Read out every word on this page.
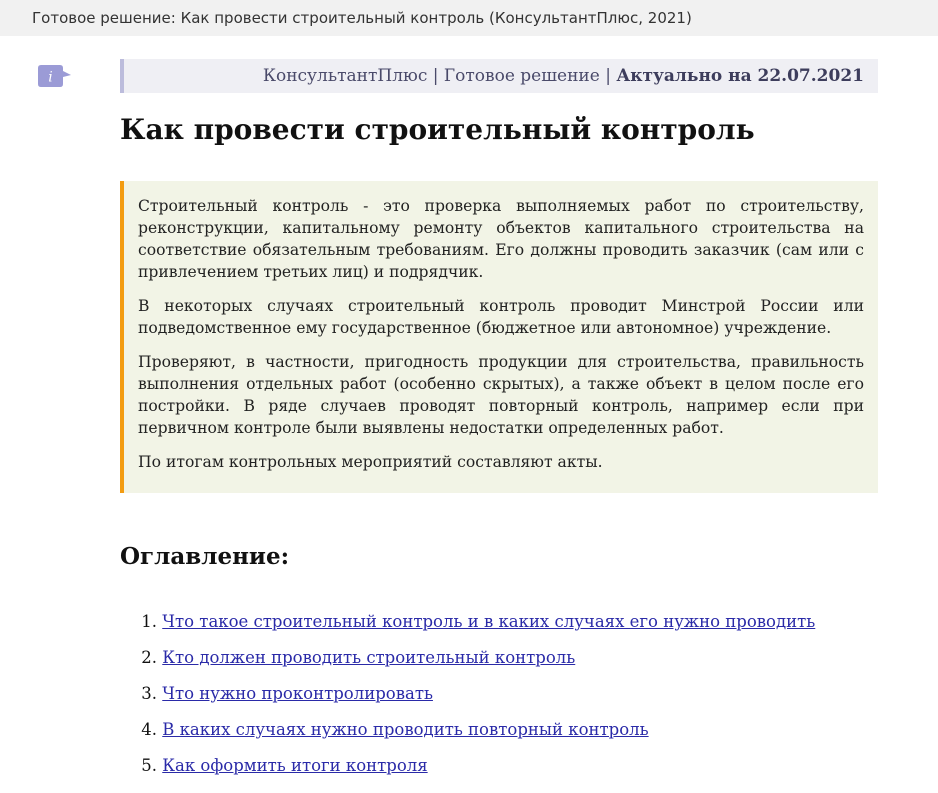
Готовое решение: Как провести строительный контроль (КонсультантПлюс, 2021)
i	КонсультантПлюс | Готовое решение | Актуально на 22.07.2021
Как провести строительный контроль

Строительный контроль - это проверка выполняемых работ по строительству, реконструкции, капитальному ремонту объектов капитального строительства на соответствие обязательным требованиям. Его должны проводить заказчик (сам или с привлечением третьих лиц) и подрядчик.

В некоторых случаях строительный контроль проводит Минстрой России или подведомственное ему государственное (бюджетное или автономное) учреждение.

Проверяют, в частности, пригодность продукции для строительства, правильность выполнения отдельных работ (особенно скрытых), а также объект в целом после его постройки. В ряде случаев проводят повторный контроль, например если при первичном контроле были выявлены недостатки определенных работ.

По итогам контрольных мероприятий составляют акты.

Оглавление:
1. Что такое строительный контроль и в каких случаях его нужно проводить
2. Кто должен проводить строительный контроль
3. Что нужно проконтролировать
4. В каких случаях нужно проводить повторный контроль
5. Как оформить итоги контроля
